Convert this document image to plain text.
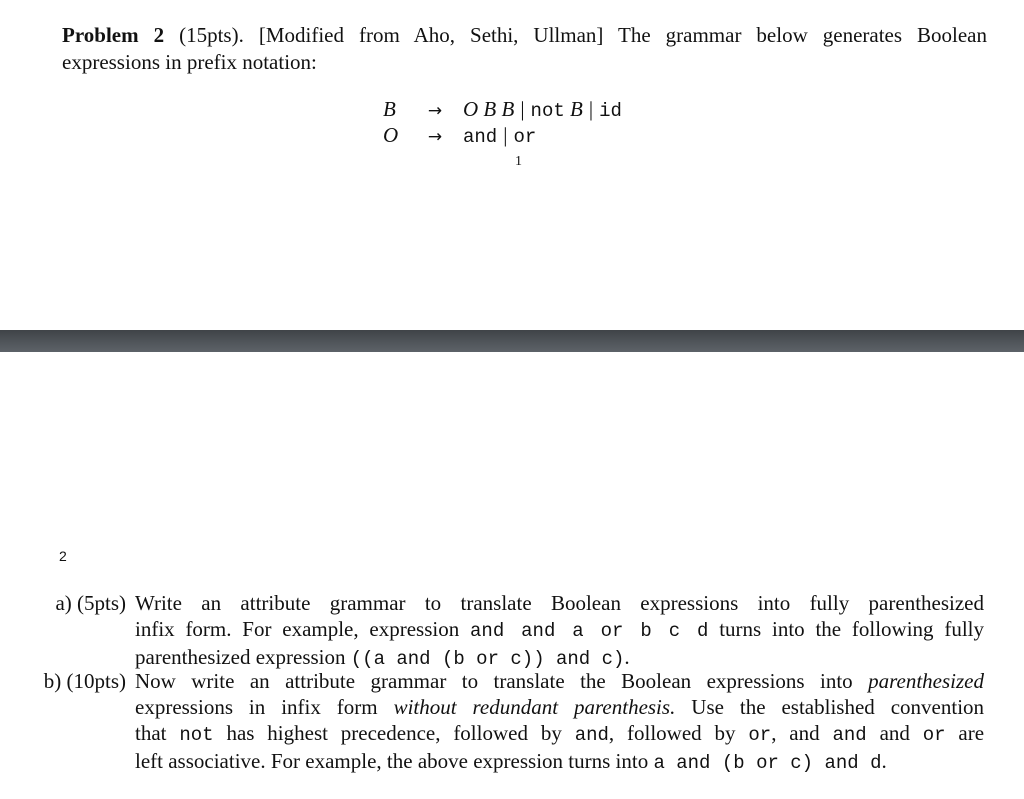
Problem 2 (15pts). [Modified from Aho, Sethi, Ullman] The grammar below generates Boolean
expressions in prefix notation:
B	→ O B B | not B | id
O	→	and | or
1
2
a) (5pts) Write an attribute grammar to translate Boolean expressions into fully parenthesized
infix form. For example, expression and and a or b c d turns into the following fully
parenthesized expression ((a and (b or c)) and c).
b) (10pts) Now write an attribute grammar to translate the Boolean expressions into parenthesized
expressions in infix form without redundant parenthesis. Use the established convention
that not has highest precedence, followed by and, followed by or, and and and or are
left associative. For example, the above expression turns into a and (b or c) and d.
